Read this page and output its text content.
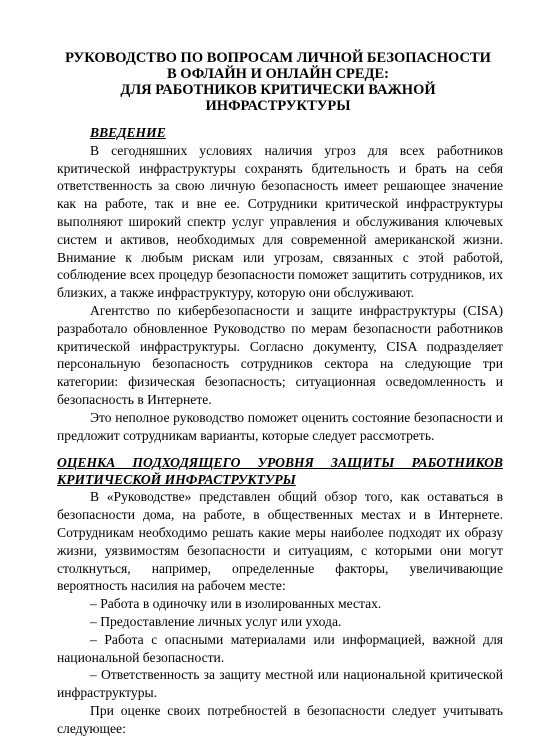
РУКОВОДСТВО ПО ВОПРОСАМ ЛИЧНОЙ БЕЗОПАСНОСТИ
В ОФЛАЙН И ОНЛАЙН СРЕДЕ:
ДЛЯ РАБОТНИКОВ КРИТИЧЕСКИ ВАЖНОЙ
ИНФРАСТРУКТУРЫ
ВВЕДЕНИЕ

В сегодняшних условиях наличия угроз для всех работников критической инфраструктуры сохранять бдительность и брать на себя ответственность за свою личную безопасность имеет решающее значение как на работе, так и вне ее. Сотрудники критической инфраструктуры выполняют широкий спектр услуг управления и обслуживания ключевых систем и активов, необходимых для современной американской жизни. Внимание к любым рискам или угрозам, связанных с этой работой, соблюдение всех процедур безопасности поможет защитить сотрудников, их близких, а также инфраструктуру, которую они обслуживают.

Агентство по кибербезопасности и защите инфраструктуры (CISA) разработало обновленное Руководство по мерам безопасности работников критической инфраструктуры. Согласно документу, CISA подразделяет персональную безопасность сотрудников сектора на следующие три категории: физическая безопасность; ситуационная осведомленность и безопасность в Интернете.

Это неполное руководство поможет оценить состояние безопасности и предложит сотрудникам варианты, которые следует рассмотреть.

ОЦЕНКА ПОДХОДЯЩЕГО УРОВНЯ ЗАЩИТЫ РАБОТНИКОВ КРИТИЧЕСКОЙ ИНФРАСТРУКТУРЫ

В «Руководстве» представлен общий обзор того, как оставаться в безопасности дома, на работе, в общественных местах и в Интернете. Сотрудникам необходимо решать какие меры наиболее подходят их образу жизни, уязвимостям безопасности и ситуациям, с которыми они могут столкнуться, например, определенные факторы, увеличивающие вероятность насилия на рабочем месте:

– Работа в одиночку или в изолированных местах.
– Предоставление личных услуг или ухода.
– Работа с опасными материалами или информацией, важной для национальной безопасности.
– Ответственность за защиту местной или национальной критической инфраструктуры.

При оценке своих потребностей в безопасности следует учитывать следующее:
